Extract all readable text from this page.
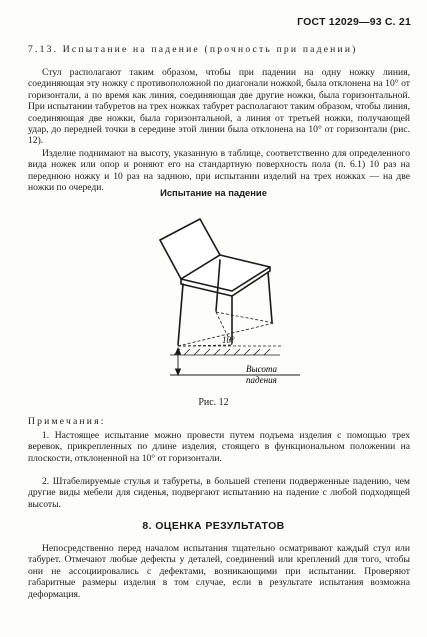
ГОСТ 12029—93 С. 21

7.13. Испытание на падение (прочность при падении)

Стул располагают таким образом, чтобы при падении на одну ножку линия, соединяющая эту ножку с противоположной по диагонали ножкой, была отклонена на 10° от горизонтали, а по время как линия, соединяющая две другие ножки, была горизонтальной. При испытании табуретов на трех ножках табурет располагают таким образом, чтобы линия, соединяющая две ножки, была горизонтальной, а линия от третьей ножки, получающей удар, до передней точки в середине этой линии была отклонена на 10° от горизонтали (рис. 12).

Изделие поднимают на высоту, указанную в таблице, соответственно для определенного вида ножек или опор и роняют его на стандартную поверхность пола (п. 6.1) 10 раз на переднюю ножку и 10 раз на заднюю, при испытании изделий на трех ножках — на две ножки по очереди.	Испытание на падение
10°
Высота
падения
Рис. 12

Примечания:

1. Настоящее испытание можно провести путем подъема изделия с помощью трех веревок, прикрепленных по длине изделия, стоящего в функциональном положении на плоскости, отклоненной на 10° от горизонтали.

2. Штабелируемые стулья и табуреты, в большей степени подверженные падению, чем другие виды мебели для сиденья, подвергают испытанию на падение с любой подходящей высоты.

8. ОЦЕНКА РЕЗУЛЬТАТОВ

Непосредственно перед началом испытания тщательно осматривают каждый стул или табурет. Отмечают любые дефекты у деталей, соединений или креплений для того, чтобы они не ассоциировались с дефектами, возникающими при испытании. Проверяют габаритные размеры изделия в том случае, если в результате испытания возможна деформация.
